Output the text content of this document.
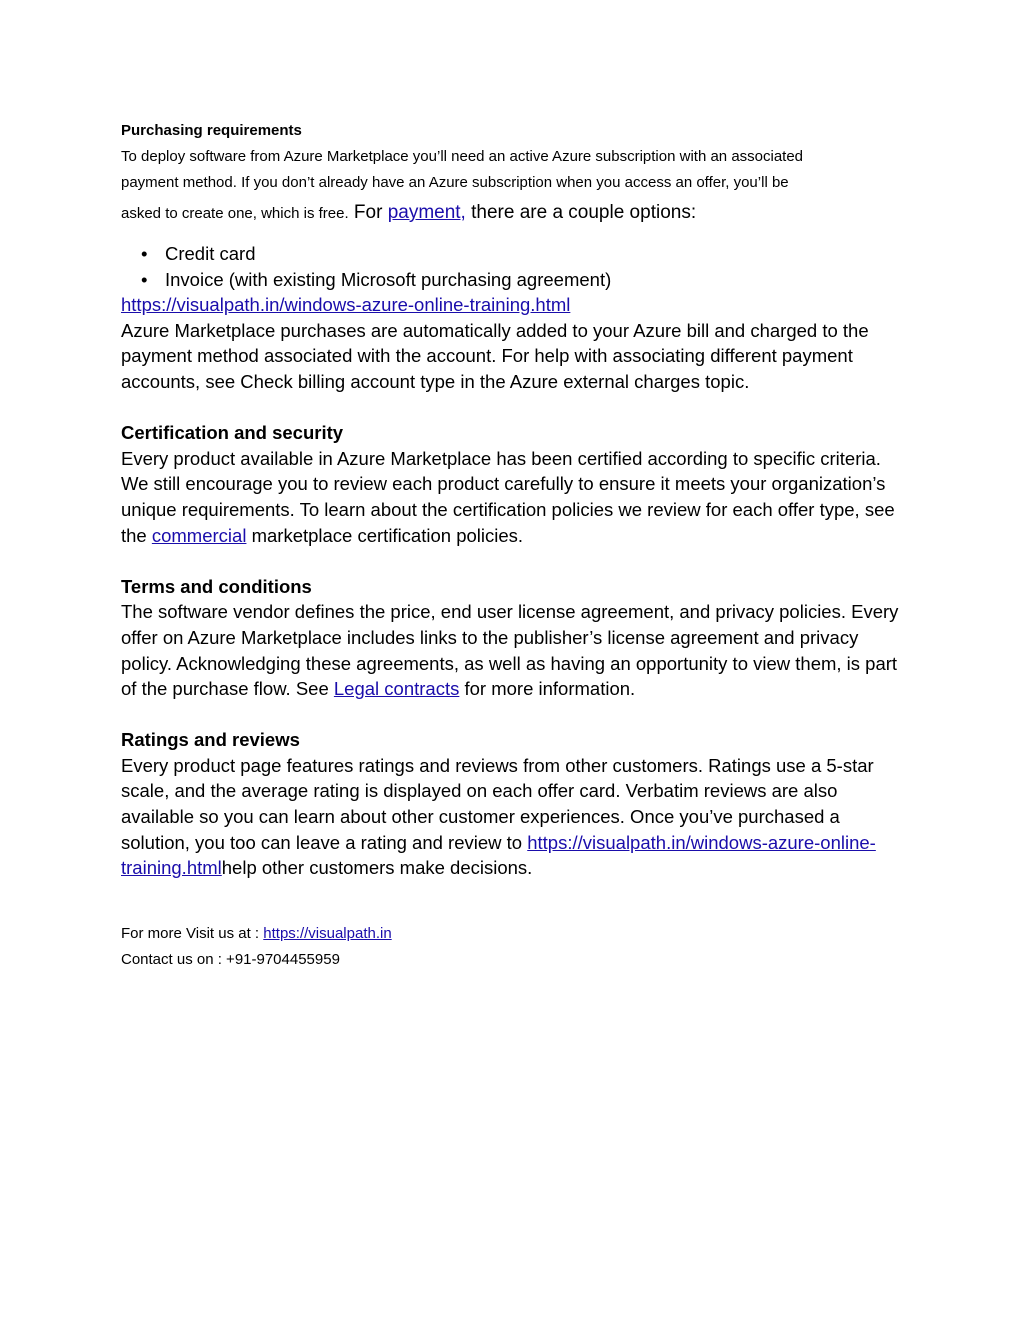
Purchasing requirements

To deploy software from Azure Marketplace you’ll need an active Azure subscription with an associated

payment method. If you don’t already have an Azure subscription when you access an offer, you’ll be

asked to create one, which is free. For payment, there are a couple options:

• Credit card
• Invoice (with existing Microsoft purchasing agreement)

https://visualpath.in/windows-azure-online-training.html

Azure Marketplace purchases are automatically added to your Azure bill and charged to the payment method associated with the account. For help with associating different payment accounts, see Check billing account type in the Azure external charges topic.

Certification and security

Every product available in Azure Marketplace has been certified according to specific criteria. We still encourage you to review each product carefully to ensure it meets your organization’s unique requirements. To learn about the certification policies we review for each offer type, see the commercial marketplace certification policies.

Terms and conditions

The software vendor defines the price, end user license agreement, and privacy policies. Every offer on Azure Marketplace includes links to the publisher’s license agreement and privacy policy. Acknowledging these agreements, as well as having an opportunity to view them, is part of the purchase flow. See Legal contracts for more information.

Ratings and reviews

Every product page features ratings and reviews from other customers. Ratings use a 5-star scale, and the average rating is displayed on each offer card. Verbatim reviews are also available so you can learn about other customer experiences. Once you’ve purchased a solution, you too can leave a rating and review to https://visualpath.in/windows-azure-online-training.htmlhelp other customers make decisions.

For more Visit us at : https://visualpath.in

Contact us on : +91-9704455959
